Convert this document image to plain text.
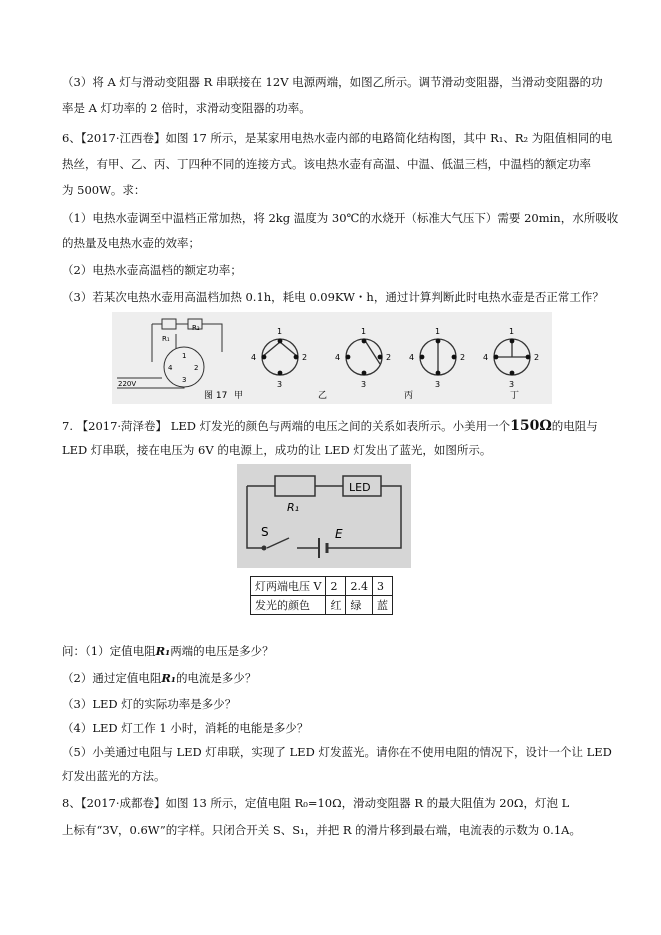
（3）将 A 灯与滑动变阻器 R 串联接在 12V 电源两端，如图乙所示。调节滑动变阻器，当滑动变阻器的功
率是 A 灯功率的 2 倍时，求滑动变阻器的功率。
6、【2017·江西卷】如图 17 所示，是某家用电热水壶内部的电路简化结构图，其中 R₁、R₂ 为阻值相同的电
热丝，有甲、乙、丙、丁四种不同的连接方式。该电热水壶有高温、中温、低温三档，中温档的额定功率
为 500W。求：
（1）电热水壶调至中温档正常加热，将 2kg 温度为 30℃的水烧开（标准大气压下）需要 20min，水所吸收
的热量及电热水壶的效率；
（2）电热水壶高温档的额定功率；
（3）若某次电热水壶用高温档加热 0.1h，耗电 0.09KW・h，通过计算判断此时电热水壶是否正常工作？
R₁
R₂
1
4	2
3
220V
图 17
1
4	2
3
1
4	2
3
1
4	2
3
1
4	2
3
甲	乙	丙	丁
7. 【2017·菏泽卷】 LED 灯发光的颜色与两端的电压之间的关系如表所示。小美用一个150Ω的电阻与
LED 灯串联，接在电压为 6V 的电源上，成功的让 LED 灯发出了蓝光，如图所示。
LED
R₁
S	E
灯两端电压 V	2	2.4	3
发光的颜色	红	绿	蓝
问：（1）定值电阻R₁两端的电压是多少？
（2）通过定值电阻R₁的电流是多少？
（3）LED 灯的实际功率是多少？
（4）LED 灯工作 1 小时，消耗的电能是多少？
（5）小美通过电阻与 LED 灯串联，实现了 LED 灯发蓝光。请你在不使用电阻的情况下，设计一个让 LED
灯发出蓝光的方法。
8、【2017·成都卷】如图 13 所示，定值电阻 R₀=10Ω，滑动变阻器 R 的最大阻值为 20Ω，灯泡 L
上标有“3V，0.6W”的字样。只闭合开关 S、S₁，并把 R 的滑片移到最右端，电流表的示数为 0.1A。
